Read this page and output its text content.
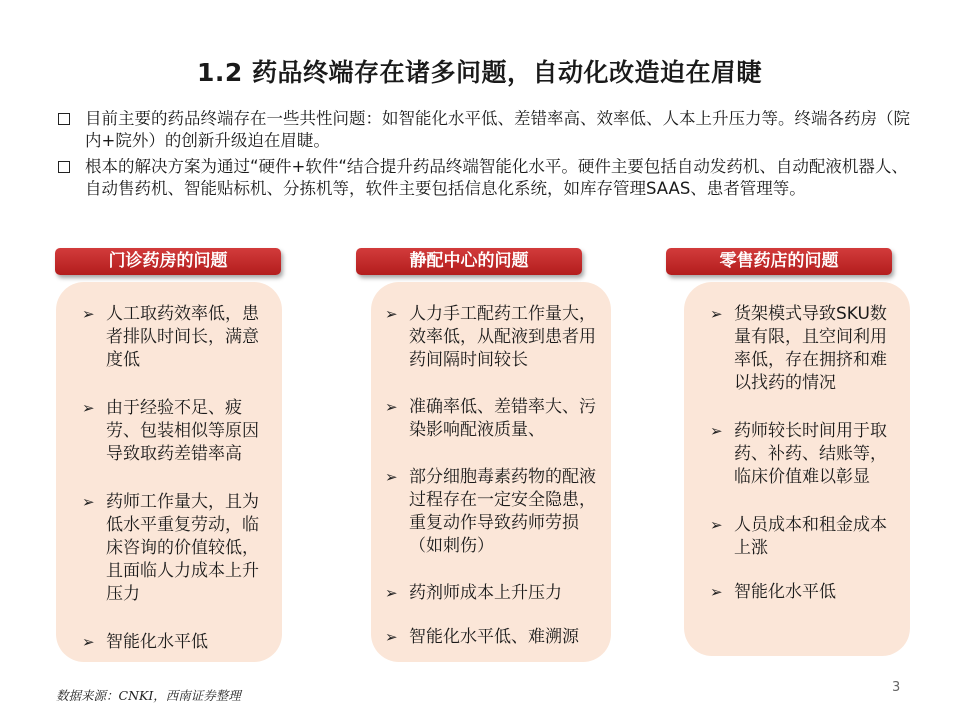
1.2 药品终端存在诸多问题，自动化改造迫在眉睫
目前主要的药品终端存在一些共性问题：如智能化水平低、差错率高、效率低、人本上升压力等。终端各药房（院内+院外）的创新升级迫在眉睫。
根本的解决方案为通过“硬件+软件“结合提升药品终端智能化水平。硬件主要包括自动发药机、自动配液机器人、自动售药机、智能贴标机、分拣机等，软件主要包括信息化系统，如库存管理SAAS、患者管理等。
门诊药房的问题
➢ 人工取药效率低，患者排队时间长，满意度低
➢ 由于经验不足、疲劳、包装相似等原因导致取药差错率高
➢ 药师工作量大，且为低水平重复劳动，临床咨询的价值较低，且面临人力成本上升压力
➢ 智能化水平低
静配中心的问题
➢ 人力手工配药工作量大，效率低，从配液到患者用药间隔时间较长
➢ 准确率低、差错率大、污染影响配液质量、
➢ 部分细胞毒素药物的配液过程存在一定安全隐患，重复动作导致药师劳损（如刺伤）
➢ 药剂师成本上升压力
➢ 智能化水平低、难溯源
零售药店的问题
➢ 货架模式导致SKU数量有限，且空间利用率低，存在拥挤和难以找药的情况
➢ 药师较长时间用于取药、补药、结账等，临床价值难以彰显
➢ 人员成本和租金成本上涨
➢ 智能化水平低
数据来源：CNKI，西南证券整理
3
